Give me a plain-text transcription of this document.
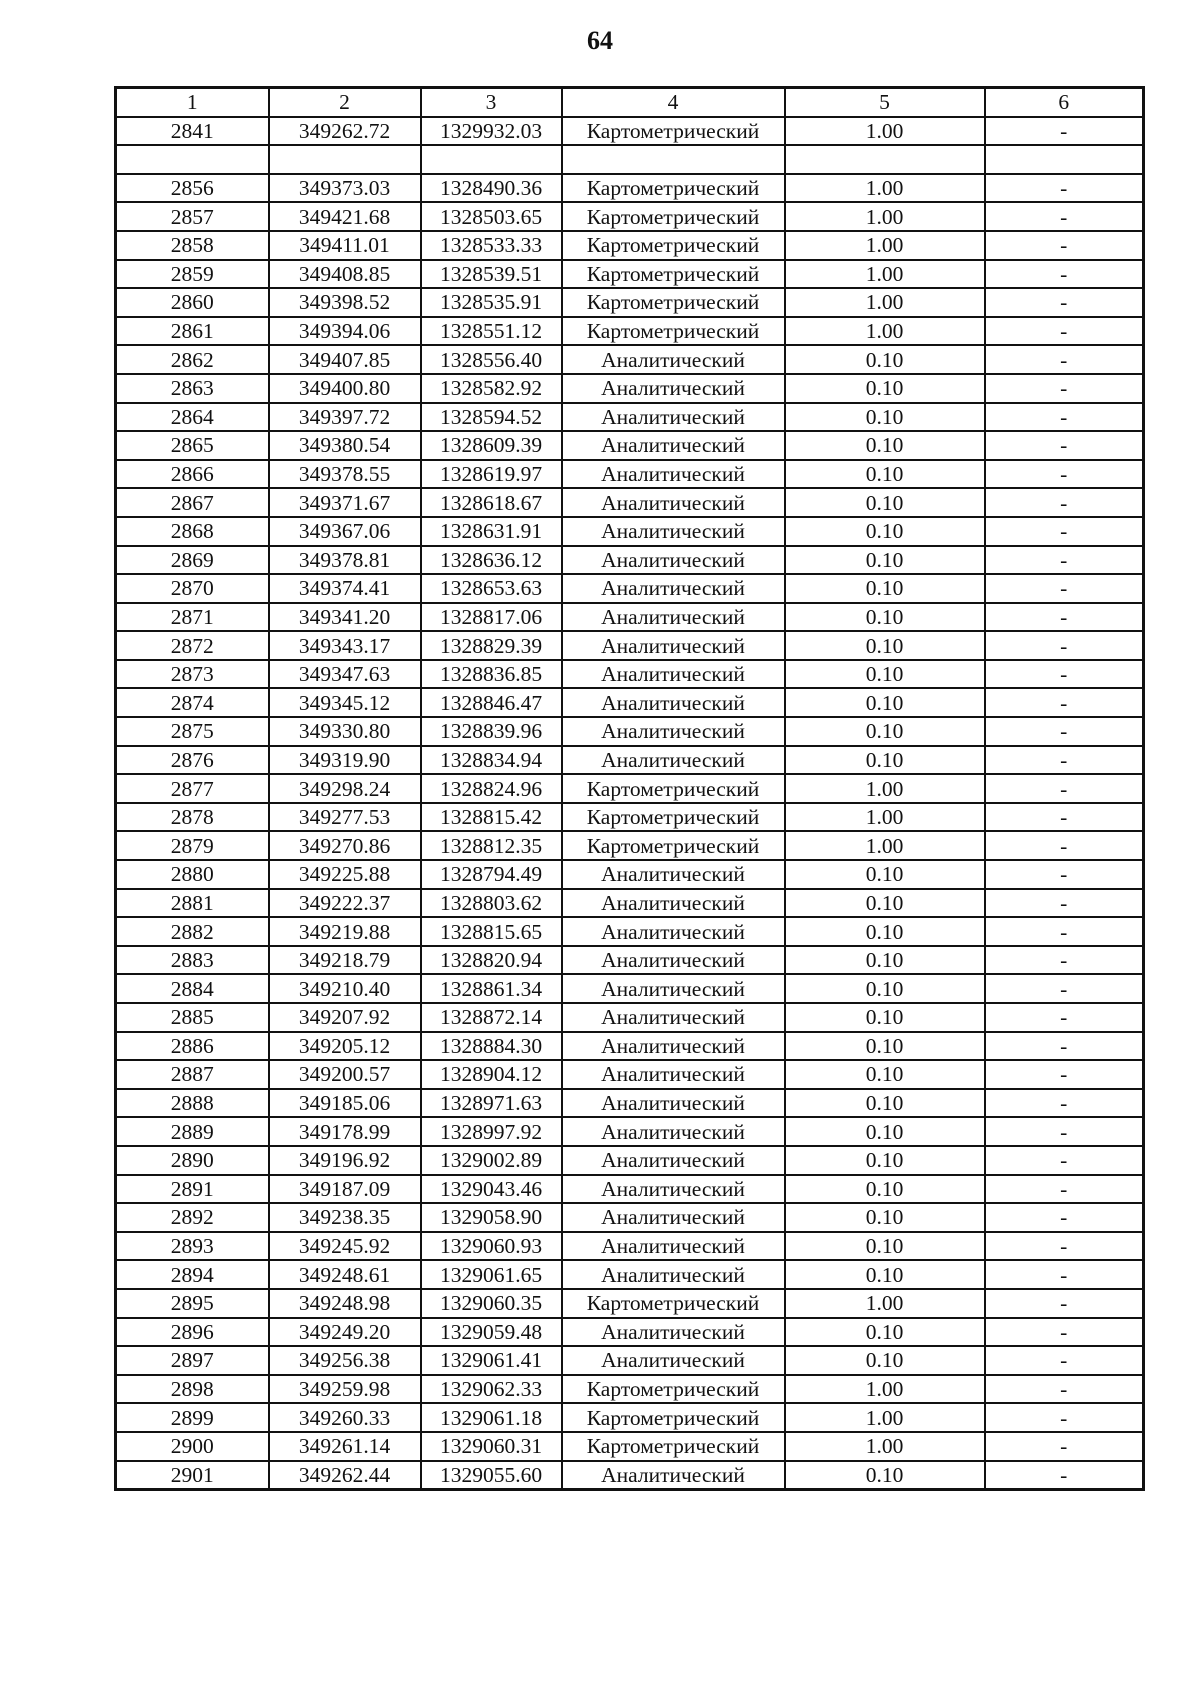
64
1	2	3	4	5	6
2841	349262.72	1329932.03	Картометрический	1.00	-

2856	349373.03	1328490.36	Картометрический	1.00	-
2857	349421.68	1328503.65	Картометрический	1.00	-
2858	349411.01	1328533.33	Картометрический	1.00	-
2859	349408.85	1328539.51	Картометрический	1.00	-
2860	349398.52	1328535.91	Картометрический	1.00	-
2861	349394.06	1328551.12	Картометрический	1.00	-
2862	349407.85	1328556.40	Аналитический	0.10	-
2863	349400.80	1328582.92	Аналитический	0.10	-
2864	349397.72	1328594.52	Аналитический	0.10	-
2865	349380.54	1328609.39	Аналитический	0.10	-
2866	349378.55	1328619.97	Аналитический	0.10	-
2867	349371.67	1328618.67	Аналитический	0.10	-
2868	349367.06	1328631.91	Аналитический	0.10	-
2869	349378.81	1328636.12	Аналитический	0.10	-
2870	349374.41	1328653.63	Аналитический	0.10	-
2871	349341.20	1328817.06	Аналитический	0.10	-
2872	349343.17	1328829.39	Аналитический	0.10	-
2873	349347.63	1328836.85	Аналитический	0.10	-
2874	349345.12	1328846.47	Аналитический	0.10	-
2875	349330.80	1328839.96	Аналитический	0.10	-
2876	349319.90	1328834.94	Аналитический	0.10	-
2877	349298.24	1328824.96	Картометрический	1.00	-
2878	349277.53	1328815.42	Картометрический	1.00	-
2879	349270.86	1328812.35	Картометрический	1.00	-
2880	349225.88	1328794.49	Аналитический	0.10	-
2881	349222.37	1328803.62	Аналитический	0.10	-
2882	349219.88	1328815.65	Аналитический	0.10	-
2883	349218.79	1328820.94	Аналитический	0.10	-
2884	349210.40	1328861.34	Аналитический	0.10	-
2885	349207.92	1328872.14	Аналитический	0.10	-
2886	349205.12	1328884.30	Аналитический	0.10	-
2887	349200.57	1328904.12	Аналитический	0.10	-
2888	349185.06	1328971.63	Аналитический	0.10	-
2889	349178.99	1328997.92	Аналитический	0.10	-
2890	349196.92	1329002.89	Аналитический	0.10	-
2891	349187.09	1329043.46	Аналитический	0.10	-
2892	349238.35	1329058.90	Аналитический	0.10	-
2893	349245.92	1329060.93	Аналитический	0.10	-
2894	349248.61	1329061.65	Аналитический	0.10	-
2895	349248.98	1329060.35	Картометрический	1.00	-
2896	349249.20	1329059.48	Аналитический	0.10	-
2897	349256.38	1329061.41	Аналитический	0.10	-
2898	349259.98	1329062.33	Картометрический	1.00	-
2899	349260.33	1329061.18	Картометрический	1.00	-
2900	349261.14	1329060.31	Картометрический	1.00	-
2901	349262.44	1329055.60	Аналитический	0.10	-
